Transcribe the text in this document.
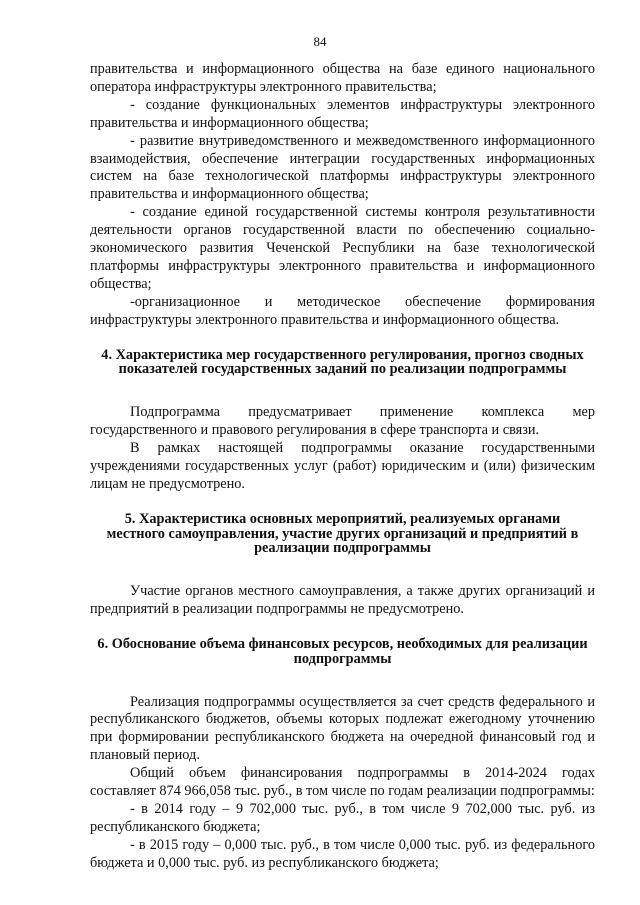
84

правительства и информационного общества на базе единого национального оператора инфраструктуры электронного правительства;

- создание функциональных элементов инфраструктуры электронного правительства и информационного общества;

- развитие внутриведомственного и межведомственного информационного взаимодействия, обеспечение интеграции государственных информационных систем на базе технологической платформы инфраструктуры электронного правительства и информационного общества;

- создание единой государственной системы контроля результативности деятельности органов государственной власти по обеспечению социально-экономического развития Чеченской Республики на базе технологической платформы инфраструктуры электронного правительства и информационного общества;

-организационное и методическое обеспечение формирования инфраструктуры электронного правительства и информационного общества.

4. Характеристика мер государственного регулирования, прогноз сводных показателей государственных заданий по реализации подпрограммы

Подпрограмма предусматривает применение комплекса мер государственного и правового регулирования в сфере транспорта и связи.

В рамках настоящей подпрограммы оказание государственными учреждениями государственных услуг (работ) юридическим и (или) физическим лицам не предусмотрено.

5. Характеристика основных мероприятий, реализуемых органами местного самоуправления, участие других организаций и предприятий в реализации подпрограммы

Участие органов местного самоуправления, а также других организаций и предприятий в реализации подпрограммы не предусмотрено.

6. Обоснование объема финансовых ресурсов, необходимых для реализации подпрограммы

Реализация подпрограммы осуществляется за счет средств федерального и республиканского бюджетов, объемы которых подлежат ежегодному уточнению при формировании республиканского бюджета на очередной финансовый год и плановый период.

Общий объем финансирования подпрограммы в 2014-2024 годах составляет 874 966,058 тыс. руб., в том числе по годам реализации подпрограммы:

- в 2014 году – 9 702,000 тыс. руб., в том числе 9 702,000 тыс. руб. из республиканского бюджета;

- в 2015 году – 0,000 тыс. руб., в том числе 0,000 тыс. руб. из федерального бюджета и 0,000 тыс. руб. из республиканского бюджета;
